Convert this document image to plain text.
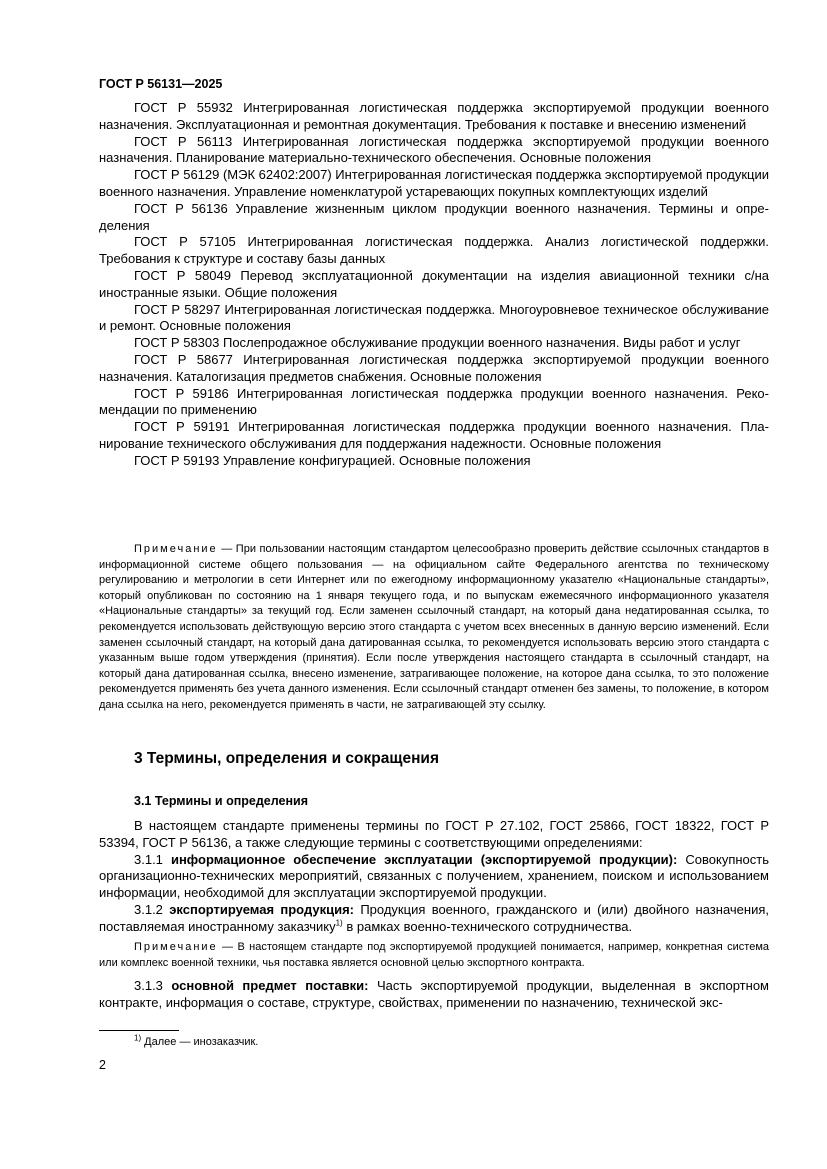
ГОСТ Р 56131—2025

ГОСТ Р 55932 Интегрированная логистическая поддержка экспортируемой продукции военного назначения. Эксплуатационная и ремонтная документация. Требования к поставке и внесению изменений

ГОСТ Р 56113 Интегрированная логистическая поддержка экспортируемой продукции военного назначения. Планирование материально-технического обеспечения. Основные положения

ГОСТ Р 56129 (МЭК 62402:2007) Интегрированная логистическая поддержка экспортируемой продукции военного назначения. Управление номенклатурой устаревающих покупных комплектующих изделий

ГОСТ Р 56136 Управление жизненным циклом продукции военного назначения. Термины и определения

ГОСТ Р 57105 Интегрированная логистическая поддержка. Анализ логистической поддержки. Требования к структуре и составу базы данных

ГОСТ Р 58049 Перевод эксплуатационной документации на изделия авиационной техники с/на иностранные языки. Общие положения

ГОСТ Р 58297 Интегрированная логистическая поддержка. Многоуровневое техническое обслуживание и ремонт. Основные положения

ГОСТ Р 58303 Послепродажное обслуживание продукции военного назначения. Виды работ и услуг

ГОСТ Р 58677 Интегрированная логистическая поддержка экспортируемой продукции военного назначения. Каталогизация предметов снабжения. Основные положения

ГОСТ Р 59186 Интегрированная логистическая поддержка продукции военного назначения. Рекомендации по применению

ГОСТ Р 59191 Интегрированная логистическая поддержка продукции военного назначения. Планирование технического обслуживания для поддержания надежности. Основные положения

ГОСТ Р 59193 Управление конфигурацией. Основные положения

Примечание — При пользовании настоящим стандартом целесообразно проверить действие ссылочных стандартов в информационной системе общего пользования — на официальном сайте Федерального агентства по техническому регулированию и метрологии в сети Интернет или по ежегодному информационному указателю «Национальные стандарты», который опубликован по состоянию на 1 января текущего года, и по выпускам ежемесячного информационного указателя «Национальные стандарты» за текущий год. Если заменен ссылочный стандарт, на который дана недатированная ссылка, то рекомендуется использовать действующую версию этого стандарта с учетом всех внесенных в данную версию изменений. Если заменен ссылочный стандарт, на который дана датированная ссылка, то рекомендуется использовать версию этого стандарта с указанным выше годом утверждения (принятия). Если после утверждения настоящего стандарта в ссылочный стандарт, на который дана датированная ссылка, внесено изменение, затрагивающее положение, на которое дана ссылка, то это положение рекомендуется применять без учета данного изменения. Если ссылочный стандарт отменен без замены, то положение, в котором дана ссылка на него, рекомендуется применять в части, не затрагивающей эту ссылку.

3 Термины, определения и сокращения
3.1 Термины и определения

В настоящем стандарте применены термины по ГОСТ Р 27.102, ГОСТ 25866, ГОСТ 18322, ГОСТ Р 53394, ГОСТ Р 56136, а также следующие термины с соответствующими определениями:

3.1.1 информационное обеспечение эксплуатации (экспортируемой продукции): Совокупность организационно-технических мероприятий, связанных с получением, хранением, поиском и использованием информации, необходимой для эксплуатации экспортируемой продукции.

3.1.2 экспортируемая продукция: Продукция военного, гражданского и (или) двойного назначения, поставляемая иностранному заказчику$^{1)}$ в рамках военно-технического сотрудничества.

Примечание — В настоящем стандарте под экспортируемой продукцией понимается, например, конкретная система или комплекс военной техники, чья поставка является основной целью экспортного контракта.

3.1.3 основной предмет поставки: Часть экспортируемой продукции, выделенная в экспортном контракте, информация о составе, структуре, свойствах, применении по назначению, технической экс-

$^{1)}$ Далее — инозаказчик.
2
